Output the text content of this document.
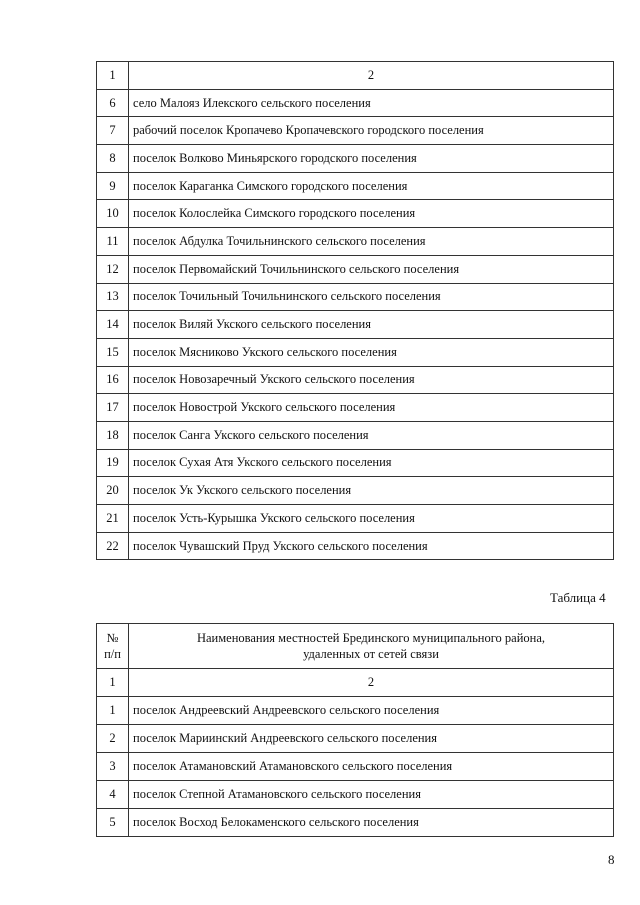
1	2
6	село Малояз Илекского сельского поселения
7	рабочий поселок Кропачево Кропачевского городского поселения
8	поселок Волково Миньярского городского поселения
9	поселок Караганка Симского городского поселения
10	поселок Колослейка Симского городского поселения
11	поселок Абдулка Точильнинского сельского поселения
12	поселок Первомайский Точильнинского сельского поселения
13	поселок Точильный Точильнинского сельского поселения
14	поселок Виляй Укского сельского поселения
15	поселок Мясниково Укского сельского поселения
16	поселок Новозаречный Укского сельского поселения
17	поселок Новострой Укского сельского поселения
18	поселок Санга Укского сельского поселения
19	поселок Сухая Атя Укского сельского поселения
20	поселок Ук Укского сельского поселения
21	поселок Усть-Курышка Укского сельского поселения
22	поселок Чувашский Пруд Укского сельского поселения
Таблица 4
№
п/п	Наименования местностей Брединского муниципального района,
удаленных от сетей связи
1	2
1	поселок Андреевский Андреевского сельского поселения
2	поселок Мариинский Андреевского сельского поселения
3	поселок Атамановский Атамановского сельского поселения
4	поселок Степной Атамановского сельского поселения
5	поселок Восход Белокаменского сельского поселения
8
